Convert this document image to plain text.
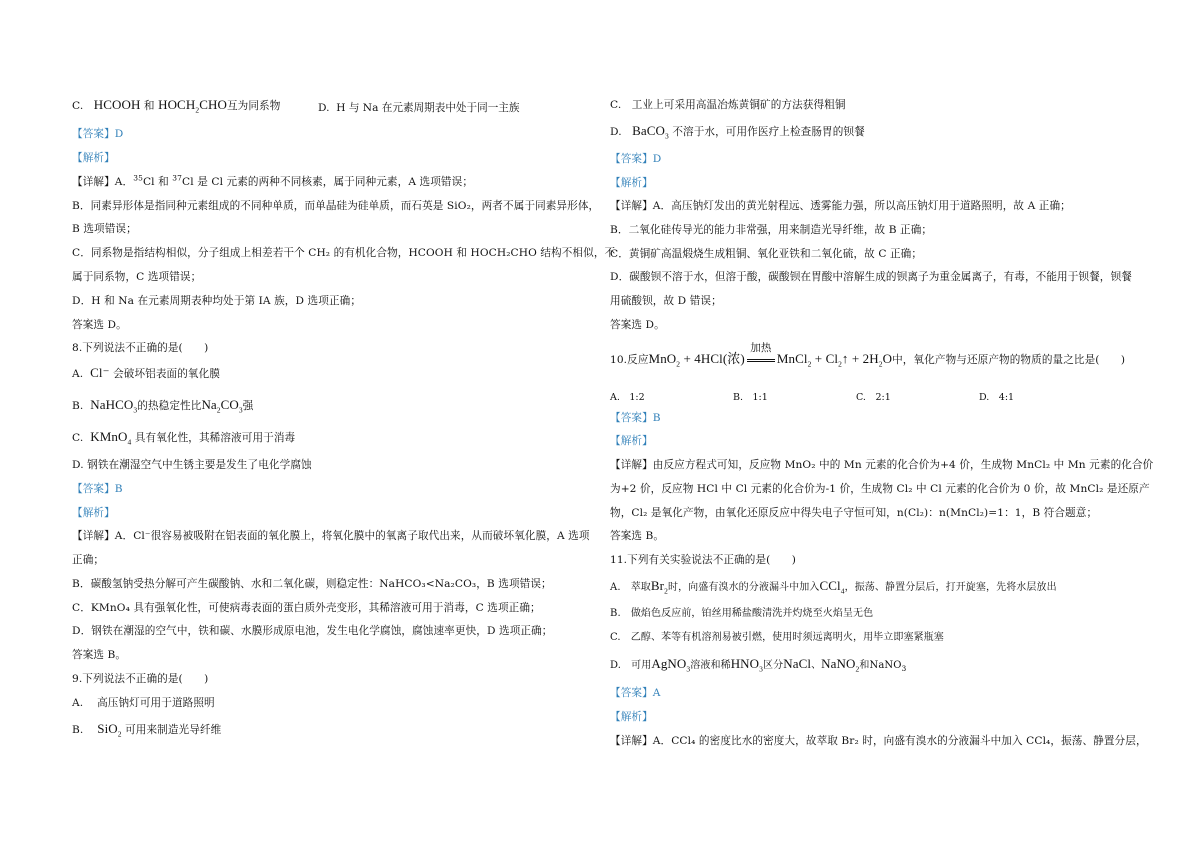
C. HCOOH 和 $HOCH_2CHO$互为同系物	D. H 与 Na 在元素周期表中处于同一主族
【答案】D
【解析】
【详解】A．$^{35}$Cl 和 $^{37}$Cl 是 Cl 元素的两种不同核素，属于同种元素，A 选项错误；
B．同素异形体是指同种元素组成的不同种单质，而单晶硅为硅单质，而石英是 SiO₂，两者不属于同素异形体，
B 选项错误；
C．同系物是指结构相似，分子组成上相差若干个 CH₂ 的有机化合物，HCOOH 和 HOCH₂CHO 结构不相似，不
属于同系物，C 选项错误；
D．H 和 Na 在元素周期表种均处于第 IA 族，D 选项正确；
答案选 D。
8.下列说法不正确的是(　　)
A. Cl⁻ 会破坏铝表面的氧化膜
B. NaHCO$_3$的热稳定性比$Na_2CO_3$强
C. KMnO$_4$ 具有氧化性，其稀溶液可用于消毒
D. 钢铁在潮湿空气中生锈主要是发生了电化学腐蚀
【答案】B
【解析】
【详解】A．Cl⁻很容易被吸附在铝表面的氧化膜上，将氧化膜中的氧离子取代出来，从而破坏氧化膜，A 选项
正确；
B．碳酸氢钠受热分解可产生碳酸钠、水和二氧化碳，则稳定性：NaHCO₃<Na₂CO₃，B 选项错误；
C．KMnO₄ 具有强氧化性，可使病毒表面的蛋白质外壳变形，其稀溶液可用于消毒，C 选项正确；
D．钢铁在潮湿的空气中，铁和碳、水膜形成原电池，发生电化学腐蚀，腐蚀速率更快，D 选项正确；
答案选 B。
9.下列说法不正确的是(　　)
A. 高压钠灯可用于道路照明
B. SiO$_2$ 可用来制造光导纤维
C. 工业上可采用高温冶炼黄铜矿的方法获得粗铜
D. BaCO$_3$ 不溶于水，可用作医疗上检查肠胃的钡餐
【答案】D
【解析】
【详解】A．高压钠灯发出的黄光射程远、透雾能力强，所以高压钠灯用于道路照明，故 A 正确；
B．二氧化硅传导光的能力非常强，用来制造光导纤维，故 B 正确；
C．黄铜矿高温煅烧生成粗铜、氧化亚铁和二氧化硫，故 C 正确；
D．碳酸钡不溶于水，但溶于酸，碳酸钡在胃酸中溶解生成的钡离子为重金属离子，有毒，不能用于钡餐，钡餐
用硫酸钡，故 D 错误；
答案选 D。
10.反应MnO$_2$ + 4HCl(浓)
加热
MnCl$_2$ + $Cl_2↑ + 2H_2O$中，氧化产物与还原产物的物质的量之比是(　　)
A.　1:2	B.　1:1	C.　2:1	D.　4:1
【答案】B
【解析】
【详解】由反应方程式可知，反应物 MnO₂ 中的 Mn 元素的化合价为+4 价，生成物 MnCl₂ 中 Mn 元素的化合价
为+2 价，反应物 HCl 中 Cl 元素的化合价为-1 价，生成物 Cl₂ 中 Cl 元素的化合价为 0 价，故 MnCl₂ 是还原产
物，Cl₂ 是氧化产物，由氧化还原反应中得失电子守恒可知，n(Cl₂)：n(MnCl₂)=1：1，B 符合题意；
答案选 B。
11.下列有关实验说法不正确的是(　　)
A.　萃取$Br_2$时，向盛有溴水的分液漏斗中加入CCl$_4$，振荡、静置分层后，打开旋塞，先将水层放出
B.　做焰色反应前，铂丝用稀盐酸清洗并灼烧至火焰呈无色
C.　乙醇、苯等有机溶剂易被引燃，使用时须远离明火，用毕立即塞紧瓶塞
D.　可用AgNO$_3$溶液和稀$HNO_3$区分NaCl、NaNO$_2$和NaNO$_3$
【答案】A
【解析】
【详解】A．CCl₄ 的密度比水的密度大，故萃取 Br₂ 时，向盛有溴水的分液漏斗中加入 CCl₄，振荡、静置分层，
